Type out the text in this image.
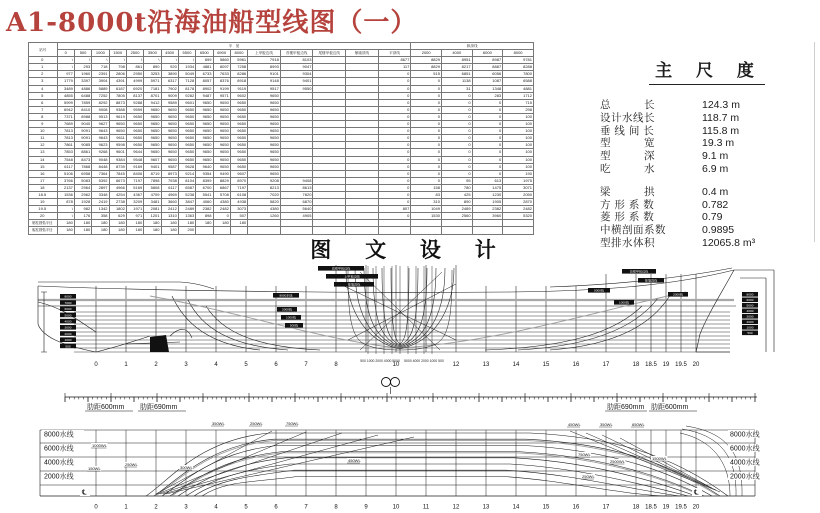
A1-8000t沿海油船型线图（一）
站号	半　宽																纵剖线			
	0	500	1000	1500	2500	3500	4500	5500	6500	6900	8000	上甲板边线	首楼甲板边线	尾楼甲板边线	舷墙顶线	平剖线	2000	4000	6000	8000
0	\	\	\	\	\	\	\	\	699	5860	5961	7918	8103			8677	8829	8951	8987	9781
1	\	293	718	798	861	890	920	1934	4881	8097	7258	8993	9047			117	8829	8217	8887	8288
2	977	1960	2391	2806	2950	3253	3890	5049	6733	7633	8286	9101	9304			0	515	6851	6056	7800
3	1779	3397	3904	4391	4999	5971	6317	7128	8057	8376	8918	9148	9401			0	0	1138	1087	6588
4	3489	4886	5889	6187	6920	7181	7902	8178	8902	9199	9119	9517	9550			0	0	31	1348	4881
5	4855	6488	7252	7805	8137	8701	9009	9282	9487	9571	9602	9650				0	0	0	283	1712
6	5999	7859	8292	8873	9288	9412	9589	9601	9650	9650	9650	9650				0	0	0	0	715
7	6942	8410	9008	9388	9599	9650	9650	9650	9650	9650	9650	9650				0	0	0	0	298
8	7371	8988	9513	9619	9650	9650	9650	9650	9650	9650	9650	9650				0	0	0	0	100
9	7689	9040	9627	9650	9650	9650	9650	9650	9650	9650	9650	9650				0	0	0	0	100
10	7813	9091	9643	9650	9650	9650	9650	9650	9650	9650	9650	9650				0	0	0	0	100
11	7813	9091	9643	9611	9650	9650	9650	9650	9650	9650	9650	9650				0	0	0	0	100
12	7861	9085	9623	9598	9650	9650	9650	9650	9650	9650	9650	9650				0	0	0	0	100
13	7853	8861	9268	9601	9644	9650	9650	9650	9650	9650	9650	9650				0	0	0	0	100
14	7548	8473	9048	9384	9548	9607	9650	9650	9650	9650	9650	9650				0	0	0	0	100
15	6117	7868	8448	8739	9169	9401	9587	9628	9640	9650	9650	9650				0	0	0	0	100
16	5106	6958	7364	7845	8406	8719	8973	9214	9354	9490	9607	9650				0	0	0	0	190
17	3766	5083	5392	6673	7197	7898	7938	8104	8399	8829	8970	9208	9408			0	0	95	613	1975
18	2137	2964	2897	4966	5169	5808	6117	6587	6700	6867	7197	8213	8613			0	158	780	1475	3071
18.5	1536	2962	3348	4254	4367	4709	4969	5238	5541	5708	6108	7020	7820			0	83	425	1230	2050
19	878	1928	2419	2738	3209	3481	3660	3847	4060	4380	4938	5820	6870			0	310	890	1905	2870
19.5	\	982	1342	1802	1971	2081	2412	2489	2382	2482	3073	4380	5640			807	1049	2489	2382	2482
20	\	176	358	629	971	1201	1310	1363	898	0	507	1260	4905			0	1530	2560	3960	5320
艏柱圆弧半径	180	180	180	180	180	180	180	180	180	180	180									
艉柱圆弧半径	180	180	180	180	180	180	180	200												
主 尺 度
总　　　长	124.3 m
设计水线长	118.7 m
垂 线 间 长	115.8 m
型　　　宽	19.3 m
型　　　深	9.1 m
吃　　　水	6.9 m
梁　　　拱	0.4 m
方 形 系 数	0.782
菱 形 系 数	0.79
中横剖面系数	0.9895
型排水体积	12065.8 m³
图 文 设 计
8000
7000
6000
5000
4000
3000
2000
1000
500
8000水线
2000线
1000线
500线
首楼甲板边线
上甲板边线
舷墙顶线
5000线
1000线
舷墙顶线
首楼甲板边线
2000线	8000
6000
5000
4000
3000
2000
1000
500
0	1	2	3	4	5	6	7	8	10	12	13	14	15	16	17	18 18.5 19 19.5 20
500 1000 2000 4000 5000　 5000 4000 2000 1000 500
肋距600mm 肋距690mm	肋距690mm 肋距600mm
8000水线
6000水线
4000水线
2000水线
℄
8000水线
6000水线
4000水线
2000水线
℄
350WL	250WL	750WL
1000WL
150WL
250WL
300WL
450WL
450WL	350WL	650WL
750WL
2500WL
1500WL
250WL
0	1	2	3	4	5	6	7	8	9	10	11	12	13	14	15	16	17	18 18.5 19 19.5 20
